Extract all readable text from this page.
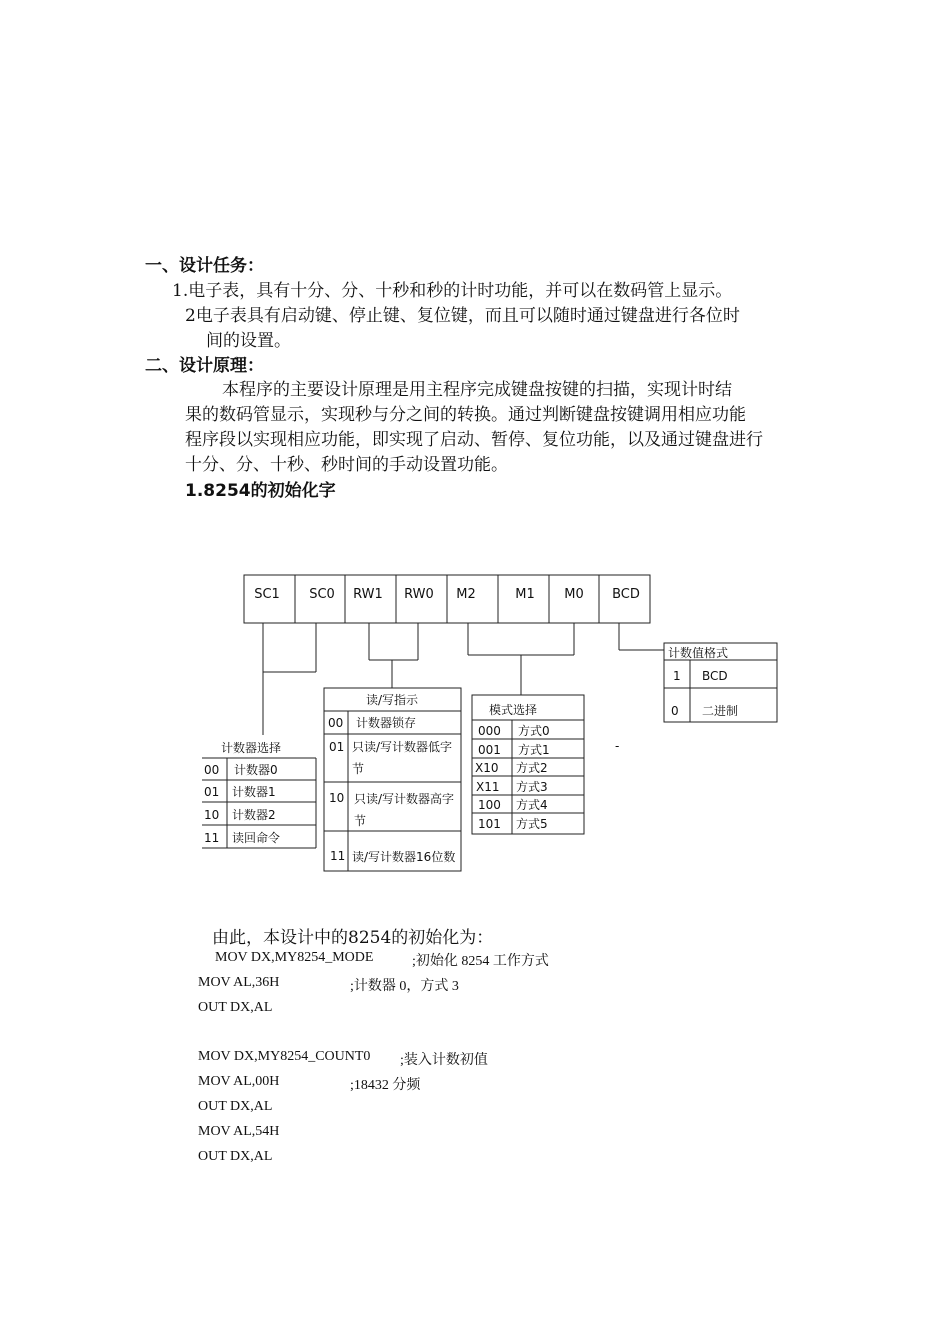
一、设计任务：
1.电子表，具有十分、分、十秒和秒的计时功能，并可以在数码管上显示。
2电子表具有启动键、停止键、复位键，而且可以随时通过键盘进行各位时
间的设置。
二、设计原理：
本程序的主要设计原理是用主程序完成键盘按键的扫描，实现计时结
果的数码管显示，实现秒与分之间的转换。通过判断键盘按键调用相应功能
程序段以实现相应功能，即实现了启动、暂停、复位功能，以及通过键盘进行
十分、分、十秒、秒时间的手动设置功能。
1.8254的初始化字
SC1 SC0 RW1 RW0 M2	M1 M0 BCD
计数器选择
00 计数器0
01 计数器1
10 计数器2
11 读回命令
读/写指示
00 计数器锁存
01 只读/写计数器低字
节
10 只读/写计数器高字
节
11 读/写计数器16位数
模式选择
000 方式0
001 方式1
X10 方式2
X11 方式3
100 方式4
101 方式5
计数值格式
1 BCD
0 二进制
-
由此，本设计中的8254的初始化为：
MOV DX,MY8254_MODE	;初始化 8254 工作方式
MOV AL,36H	;计数器 0，方式 3
OUT DX,AL
MOV DX,MY8254_COUNT0 ;装入计数初值
MOV AL,00H	;18432 分频
OUT DX,AL
MOV AL,54H
OUT DX,AL
